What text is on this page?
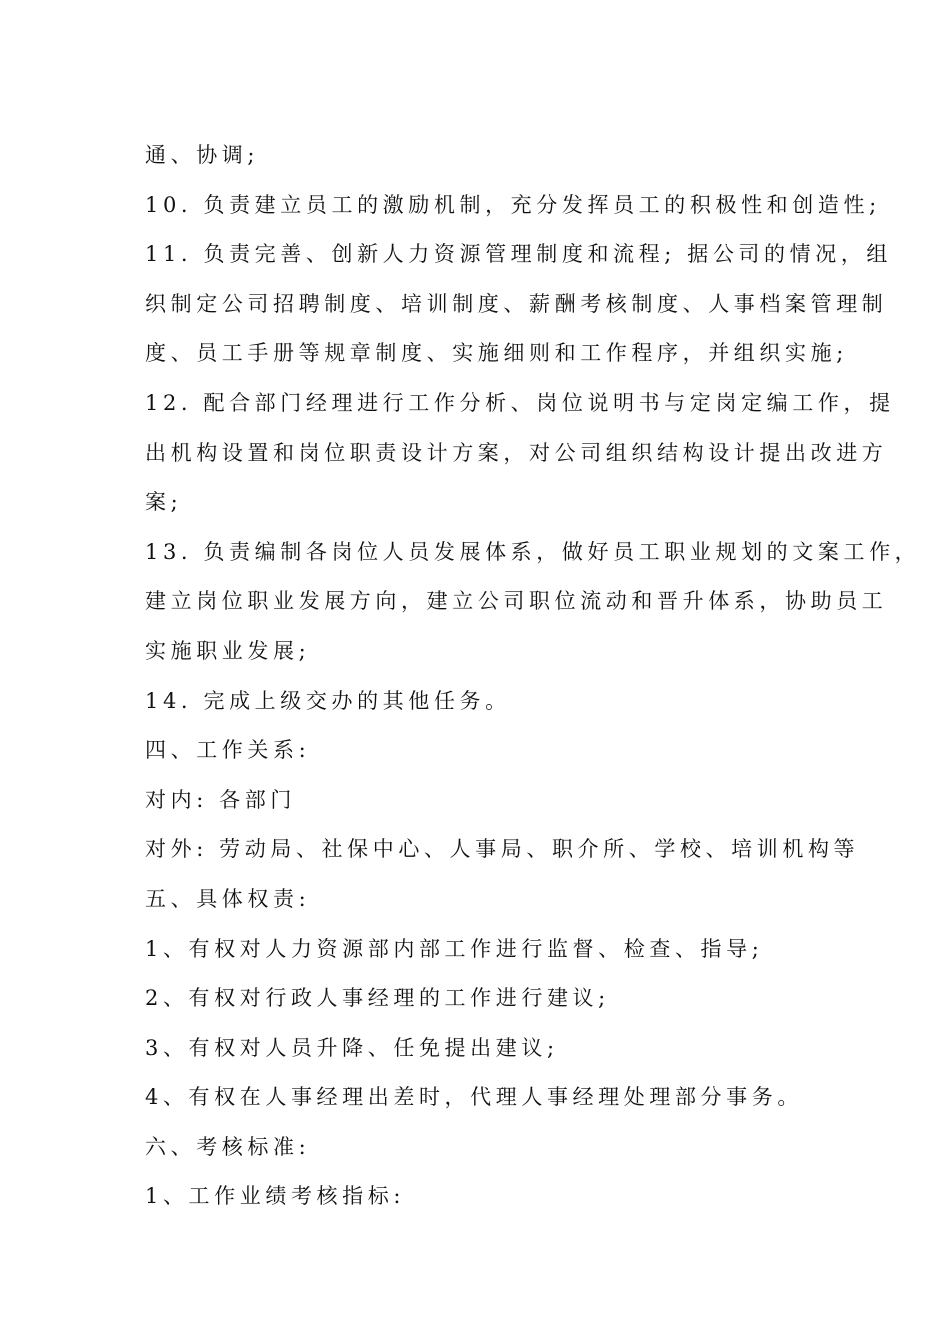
通、协调;
10. 负责建立员工的激励机制，充分发挥员工的积极性和创造性;
11. 负责完善、创新人力资源管理制度和流程; 据公司的情况，组
织制定公司招聘制度、培训制度、薪酬考核制度、人事档案管理制
度、员工手册等规章制度、实施细则和工作程序，并组织实施;
12. 配合部门经理进行工作分析、岗位说明书与定岗定编工作，提
出机构设置和岗位职责设计方案，对公司组织结构设计提出改进方
案;
13. 负责编制各岗位人员发展体系，做好员工职业规划的文案工作，
建立岗位职业发展方向，建立公司职位流动和晋升体系，协助员工
实施职业发展;
14. 完成上级交办的其他任务。
四、工作关系:
对内: 各部门
对外: 劳动局、社保中心、人事局、职介所、学校、培训机构等
五、具体权责:
1、有权对人力资源部内部工作进行监督、检查、指导;
2、有权对行政人事经理的工作进行建议;
3、有权对人员升降、任免提出建议;
4、有权在人事经理出差时，代理人事经理处理部分事务。
六、考核标准:
1、工作业绩考核指标:
